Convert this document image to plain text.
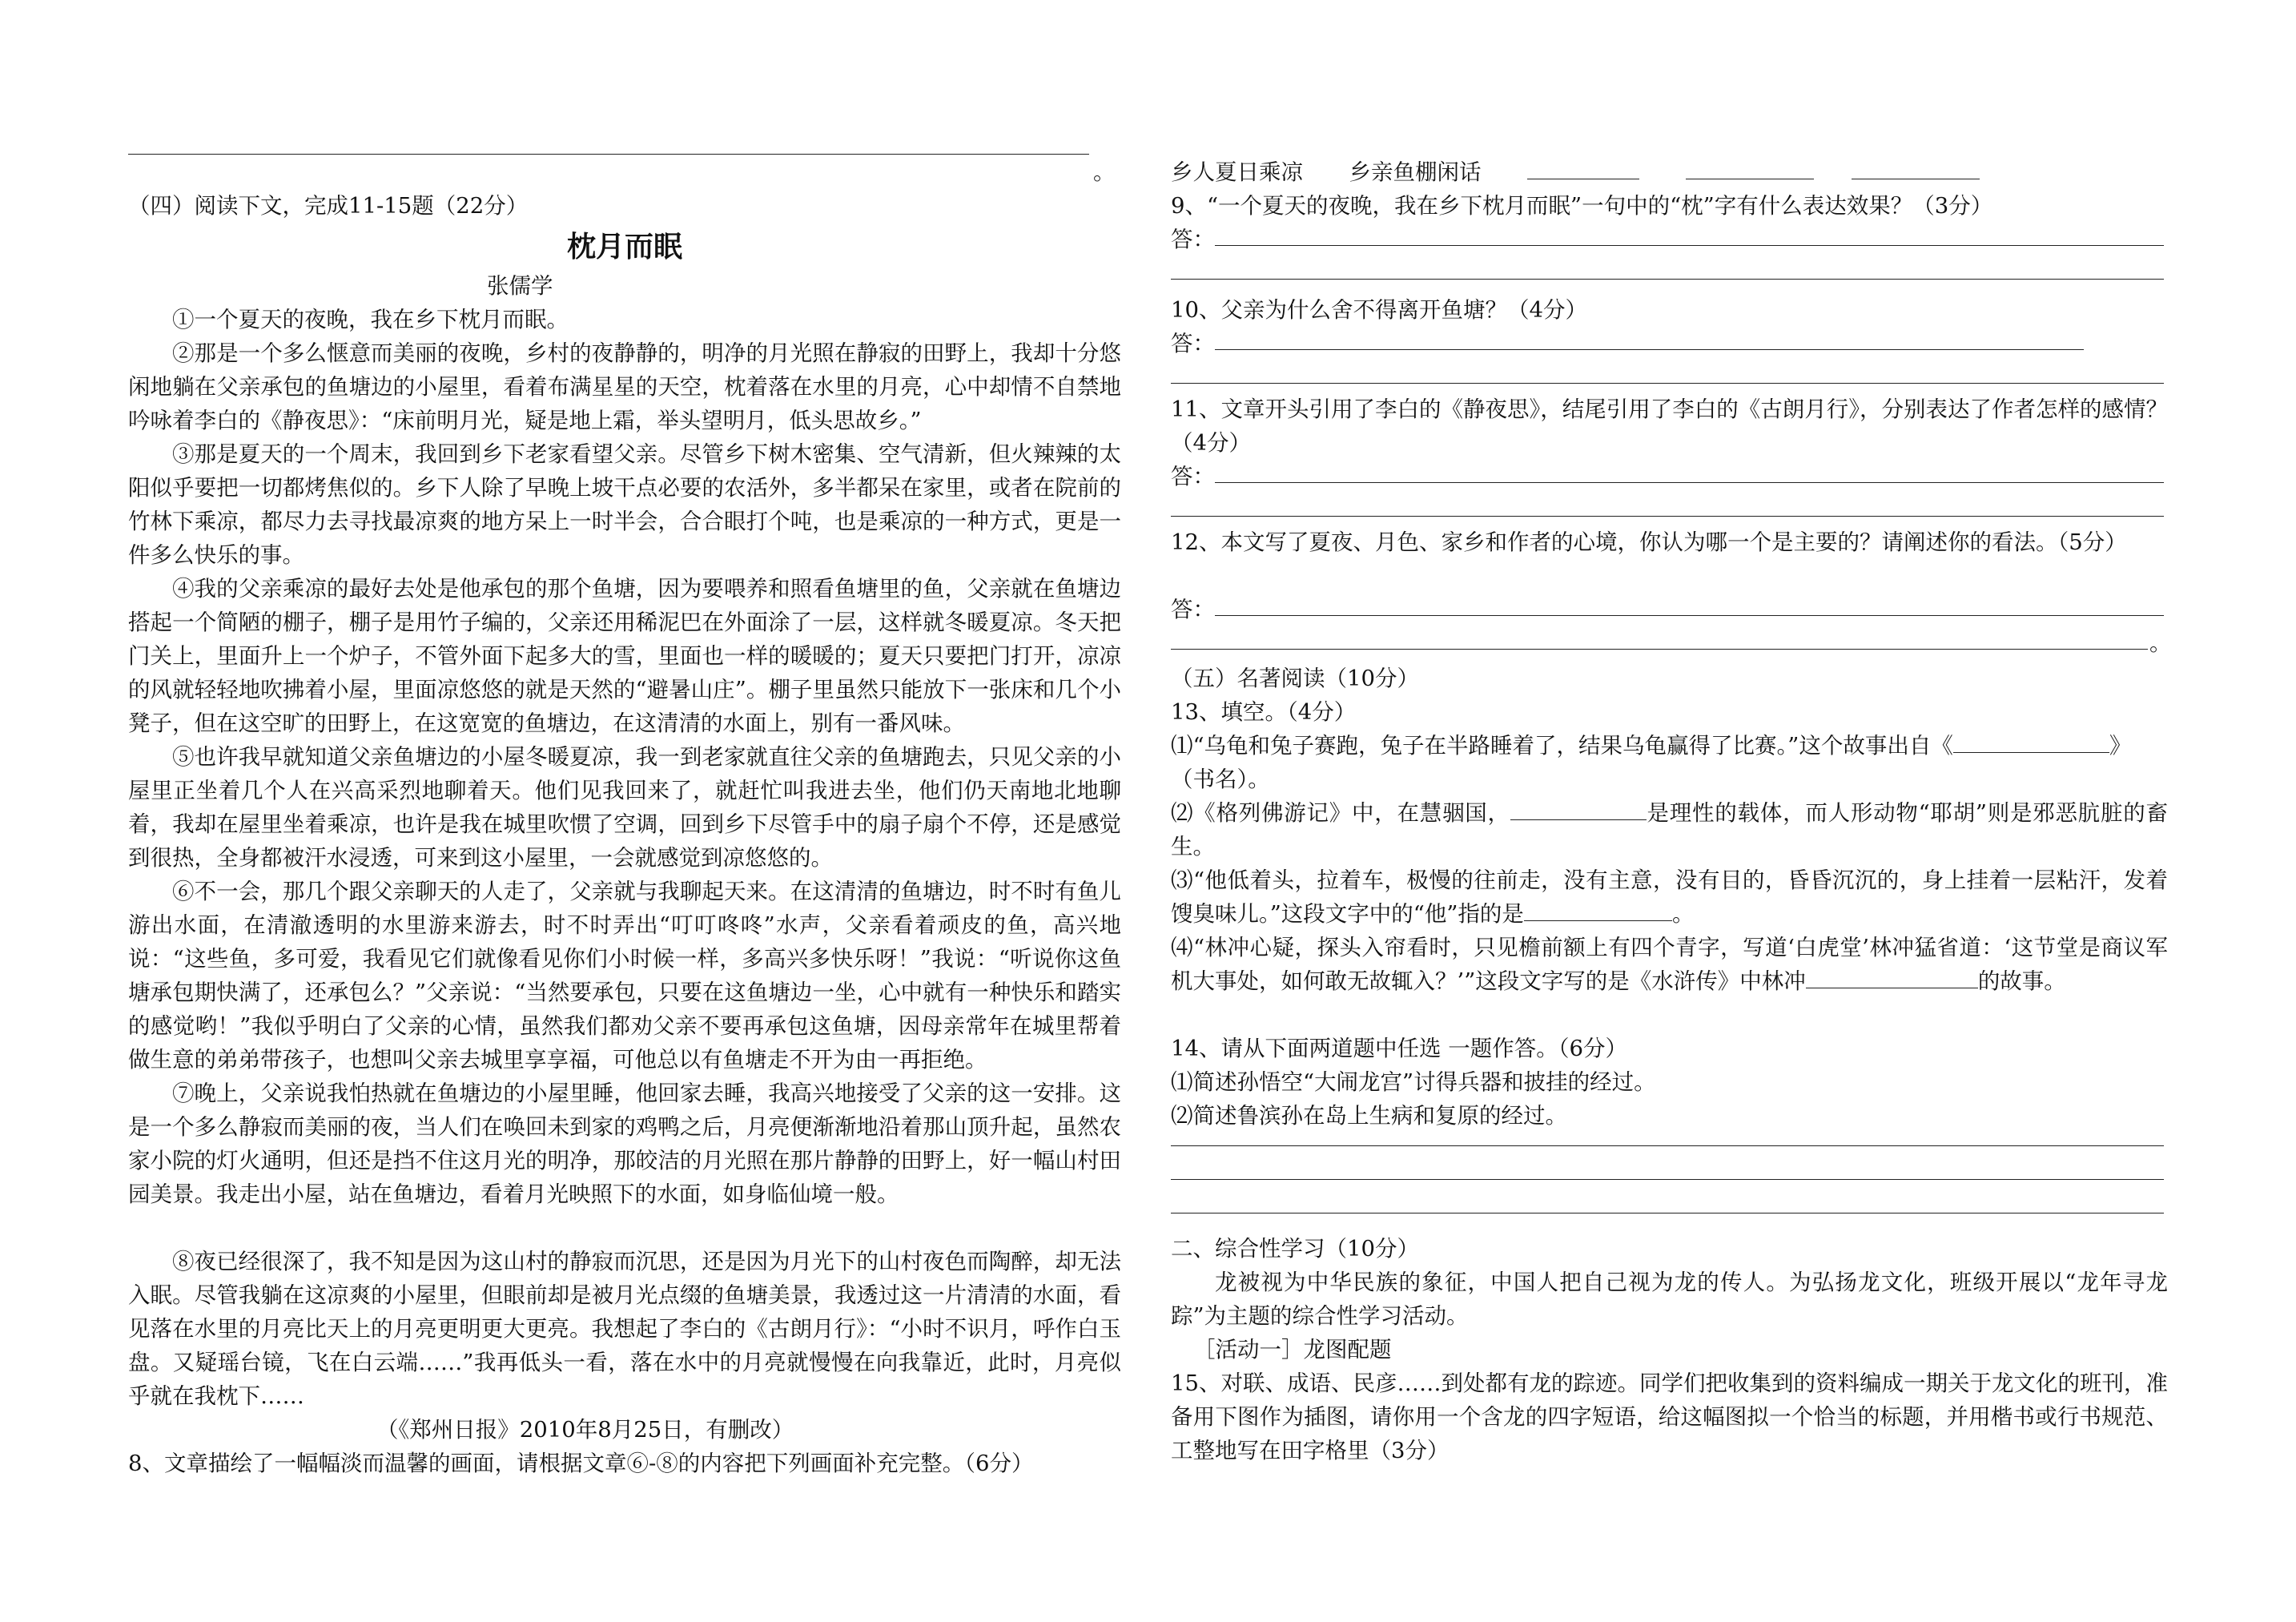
。
（四）阅读下文，完成11-15题（22分）
枕月而眠
张儒学
①一个夏天的夜晚，我在乡下枕月而眠。
②那是一个多么惬意而美丽的夜晚，乡村的夜静静的，明净的月光照在静寂的田野上，我却十分悠闲地躺在父亲承包的鱼塘边的小屋里，看着布满星星的天空，枕着落在水里的月亮，心中却情不自禁地吟咏着李白的《静夜思》：“床前明月光，疑是地上霜，举头望明月，低头思故乡。”
③那是夏天的一个周末，我回到乡下老家看望父亲。尽管乡下树木密集、空气清新，但火辣辣的太阳似乎要把一切都烤焦似的。乡下人除了早晚上坡干点必要的农活外，多半都呆在家里，或者在院前的竹林下乘凉，都尽力去寻找最凉爽的地方呆上一时半会，合合眼打个吨，也是乘凉的一种方式，更是一件多么快乐的事。
④我的父亲乘凉的最好去处是他承包的那个鱼塘，因为要喂养和照看鱼塘里的鱼，父亲就在鱼塘边搭起一个简陋的棚子，棚子是用竹子编的，父亲还用稀泥巴在外面涂了一层，这样就冬暖夏凉。冬天把门关上，里面升上一个炉子，不管外面下起多大的雪，里面也一样的暖暖的；夏天只要把门打开，凉凉的风就轻轻地吹拂着小屋，里面凉悠悠的就是天然的“避暑山庄”。棚子里虽然只能放下一张床和几个小凳子，但在这空旷的田野上，在这宽宽的鱼塘边，在这清清的水面上，别有一番风味。
⑤也许我早就知道父亲鱼塘边的小屋冬暖夏凉，我一到老家就直往父亲的鱼塘跑去，只见父亲的小屋里正坐着几个人在兴高采烈地聊着天。他们见我回来了，就赶忙叫我进去坐，他们仍天南地北地聊着，我却在屋里坐着乘凉，也许是我在城里吹惯了空调，回到乡下尽管手中的扇子扇个不停，还是感觉到很热，全身都被汗水浸透，可来到这小屋里，一会就感觉到凉悠悠的。
⑥不一会，那几个跟父亲聊天的人走了，父亲就与我聊起天来。在这清清的鱼塘边，时不时有鱼儿游出水面，在清澈透明的水里游来游去，时不时弄出“叮叮咚咚”水声，父亲看着顽皮的鱼，高兴地说：“这些鱼，多可爱，我看见它们就像看见你们小时候一样，多高兴多快乐呀！”我说：“听说你这鱼塘承包期快满了，还承包么？”父亲说：“当然要承包，只要在这鱼塘边一坐，心中就有一种快乐和踏实的感觉哟！”我似乎明白了父亲的心情，虽然我们都劝父亲不要再承包这鱼塘，因母亲常年在城里帮着做生意的弟弟带孩子，也想叫父亲去城里享享福，可他总以有鱼塘走不开为由一再拒绝。
⑦晚上，父亲说我怕热就在鱼塘边的小屋里睡，他回家去睡，我高兴地接受了父亲的这一安排。这是一个多么静寂而美丽的夜，当人们在唤回未到家的鸡鸭之后，月亮便渐渐地沿着那山顶升起，虽然农家小院的灯火通明，但还是挡不住这月光的明净，那皎洁的月光照在那片静静的田野上，好一幅山村田园美景。我走出小屋，站在鱼塘边，看着月光映照下的水面，如身临仙境一般。
⑧夜已经很深了，我不知是因为这山村的静寂而沉思，还是因为月光下的山村夜色而陶醉，却无法入眠。尽管我躺在这凉爽的小屋里，但眼前却是被月光点缀的鱼塘美景，我透过这一片清清的水面，看见落在水里的月亮比天上的月亮更明更大更亮。我想起了李白的《古朗月行》：“小时不识月，呼作白玉盘。又疑瑶台镜，飞在白云端……”我再低头一看，落在水中的月亮就慢慢在向我靠近，此时，月亮似乎就在我枕下……
（《郑州日报》2010年8月25日，有删改）
8、文章描绘了一幅幅淡而温馨的画面，请根据文章⑥-⑧的内容把下列画面补充完整。（6分）
乡人夏日乘凉 乡亲鱼棚闲话
9、“一个夏天的夜晚，我在乡下枕月而眠”一句中的“枕”字有什么表达效果？（3分）
答：
10、父亲为什么舍不得离开鱼塘？（4分）
答：
11、文章开头引用了李白的《静夜思》，结尾引用了李白的《古朗月行》，分别表达了作者怎样的感情？（4分）
答：
12、本文写了夏夜、月色、家乡和作者的心境，你认为哪一个是主要的？请阐述你的看法。（5分）
答：
。
（五）名著阅读（10分）
13、填空。（4分）
⑴“乌龟和兔子赛跑，兔子在半路睡着了，结果乌龟赢得了比赛。”这个故事出自《	》
（书名）。
⑵《格列佛游记》中，在慧骃国，	是理性的载体，而人形动物“耶胡”则是邪恶肮脏的畜生。
⑶“他低着头，拉着车，极慢的往前走，没有主意，没有目的，昏昏沉沉的，身上挂着一层粘汗，发着馊臭味儿。”这段文字中的“他”指的是	。
⑷“林冲心疑，探头入帘看时，只见檐前额上有四个青字，写道‘白虎堂’林冲猛省道：‘这节堂是商议军机大事处，如何敢无故辄入？’”这段文字写的是《水浒传》中林冲	的故事。
14、请从下面两道题中任选 一题作答。（6分）
⑴简述孙悟空“大闹龙宫”讨得兵器和披挂的经过。
⑵简述鲁滨孙在岛上生病和复原的经过。
二、综合性学习（10分）
龙被视为中华民族的象征，中国人把自己视为龙的传人。为弘扬龙文化，班级开展以“龙年寻龙踪”为主题的综合性学习活动。
［活动一］龙图配题
15、对联、成语、民彦……到处都有龙的踪迹。同学们把收集到的资料编成一期关于龙文化的班刊，准备用下图作为插图，请你用一个含龙的四字短语，给这幅图拟一个恰当的标题，并用楷书或行书规范、工整地写在田字格里（3分）
